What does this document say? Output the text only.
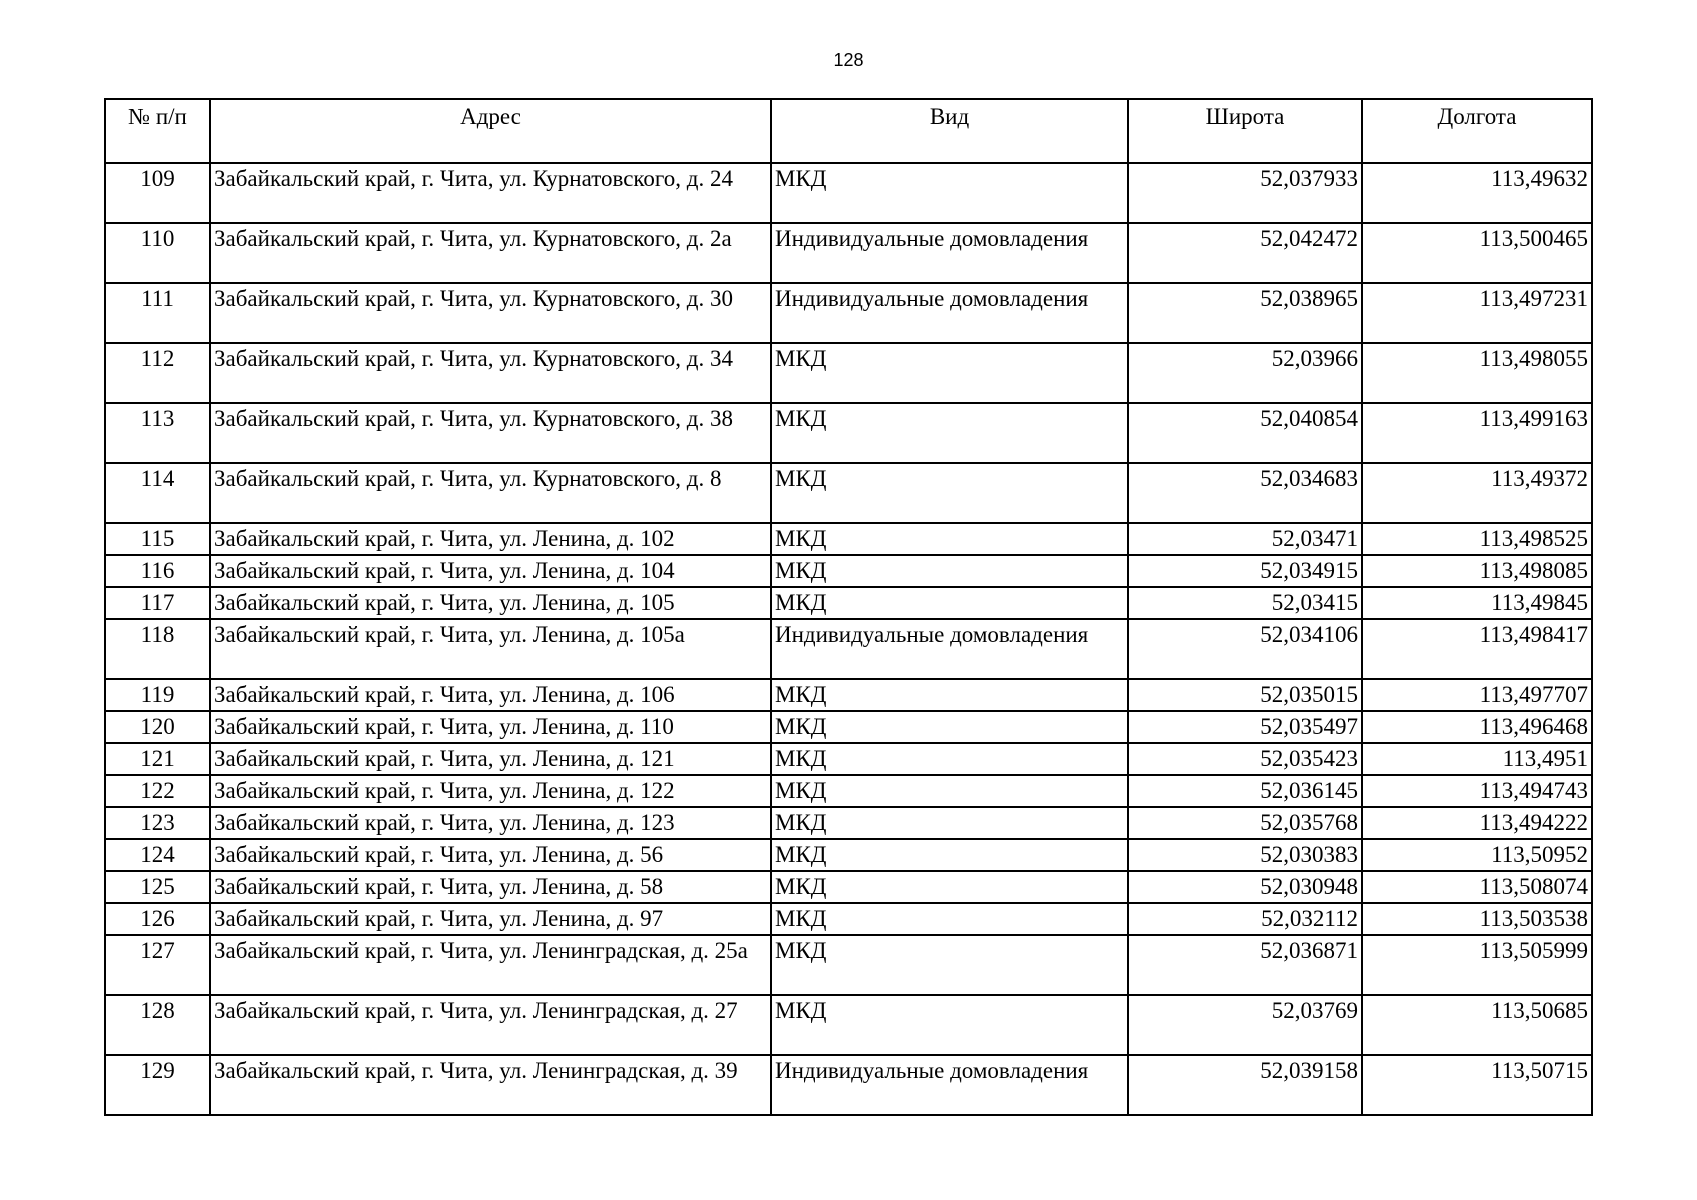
128
№ п/п	Адрес	Вид	Широта	Долгота
109	Забайкальский край, г. Чита, ул. Курнатовского, д. 24	МКД	52,037933	113,49632
110	Забайкальский край, г. Чита, ул. Курнатовского, д. 2а	Индивидуальные домовладения	52,042472	113,500465
111	Забайкальский край, г. Чита, ул. Курнатовского, д. 30	Индивидуальные домовладения	52,038965	113,497231
112	Забайкальский край, г. Чита, ул. Курнатовского, д. 34	МКД	52,03966	113,498055
113	Забайкальский край, г. Чита, ул. Курнатовского, д. 38	МКД	52,040854	113,499163
114	Забайкальский край, г. Чита, ул. Курнатовского, д. 8	МКД	52,034683	113,49372
115	Забайкальский край, г. Чита, ул. Ленина, д. 102	МКД	52,03471	113,498525
116	Забайкальский край, г. Чита, ул. Ленина, д. 104	МКД	52,034915	113,498085
117	Забайкальский край, г. Чита, ул. Ленина, д. 105	МКД	52,03415	113,49845
118	Забайкальский край, г. Чита, ул. Ленина, д. 105а	Индивидуальные домовладения	52,034106	113,498417
119	Забайкальский край, г. Чита, ул. Ленина, д. 106	МКД	52,035015	113,497707
120	Забайкальский край, г. Чита, ул. Ленина, д. 110	МКД	52,035497	113,496468
121	Забайкальский край, г. Чита, ул. Ленина, д. 121	МКД	52,035423	113,4951
122	Забайкальский край, г. Чита, ул. Ленина, д. 122	МКД	52,036145	113,494743
123	Забайкальский край, г. Чита, ул. Ленина, д. 123	МКД	52,035768	113,494222
124	Забайкальский край, г. Чита, ул. Ленина, д. 56	МКД	52,030383	113,50952
125	Забайкальский край, г. Чита, ул. Ленина, д. 58	МКД	52,030948	113,508074
126	Забайкальский край, г. Чита, ул. Ленина, д. 97	МКД	52,032112	113,503538
127	Забайкальский край, г. Чита, ул. Ленинградская, д. 25а	МКД	52,036871	113,505999
128	Забайкальский край, г. Чита, ул. Ленинградская, д. 27	МКД	52,03769	113,50685
129	Забайкальский край, г. Чита, ул. Ленинградская, д. 39	Индивидуальные домовладения	52,039158	113,50715
